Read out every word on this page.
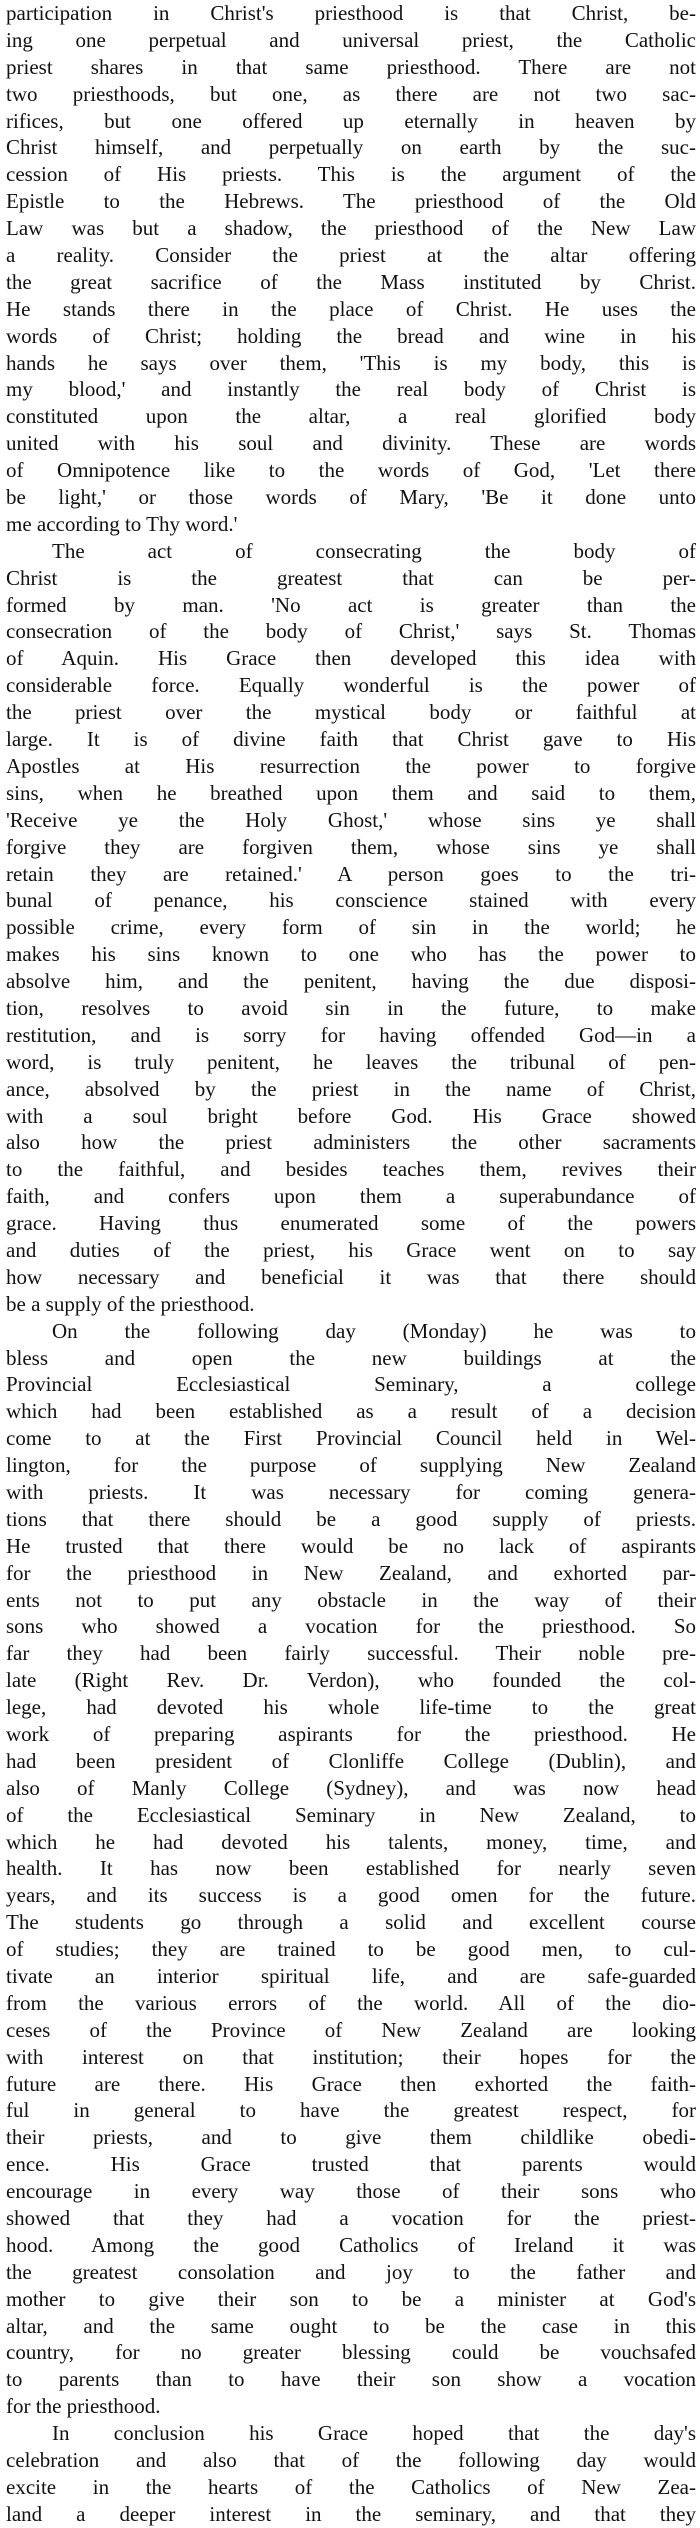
participation in Christ's priesthood is that Christ, be-
ing one perpetual and universal priest, the Catholic
priest shares in that same priesthood. There are not
two priesthoods, but one, as there are not two sac-
rifices, but one offered up eternally in heaven by
Christ himself, and perpetually on earth by the suc-
cession of His priests. This is the argument of the
Epistle to the Hebrews. The priesthood of the Old
Law was but a shadow, the priesthood of the New Law
a reality. Consider the priest at the altar offering
the great sacrifice of the Mass instituted by Christ.
He stands there in the place of Christ. He uses the
words of Christ; holding the bread and wine in his
hands he says over them, 'This is my body, this is
my blood,' and instantly the real body of Christ is
constituted upon the altar, a real glorified body
united with his soul and divinity. These are words
of Omnipotence like to the words of God, 'Let there
be light,' or those words of Mary, 'Be it done unto
me according to Thy word.'
The act of consecrating the body of
Christ is the greatest that can be per-
formed by man. 'No act is greater than the
consecration of the body of Christ,' says St. Thomas
of Aquin. His Grace then developed this idea with
considerable force. Equally wonderful is the power of
the priest over the mystical body or faithful at
large. It is of divine faith that Christ gave to His
Apostles at His resurrection the power to forgive
sins, when he breathed upon them and said to them,
'Receive ye the Holy Ghost,' whose sins ye shall
forgive they are forgiven them, whose sins ye shall
retain they are retained.' A person goes to the tri-
bunal of penance, his conscience stained with every
possible crime, every form of sin in the world; he
makes his sins known to one who has the power to
absolve him, and the penitent, having the due disposi-
tion, resolves to avoid sin in the future, to make
restitution, and is sorry for having offended God—in a
word, is truly penitent, he leaves the tribunal of pen-
ance, absolved by the priest in the name of Christ,
with a soul bright before God. His Grace showed
also how the priest administers the other sacraments
to the faithful, and besides teaches them, revives their
faith, and confers upon them a superabundance of
grace. Having thus enumerated some of the powers
and duties of the priest, his Grace went on to say
how necessary and beneficial it was that there should
be a supply of the priesthood.
On the following day (Monday) he was to
bless and open the new buildings at the
Provincial Ecclesiastical Seminary, a college
which had been established as a result of a decision
come to at the First Provincial Council held in Wel-
lington, for the purpose of supplying New Zealand
with priests. It was necessary for coming genera-
tions that there should be a good supply of priests.
He trusted that there would be no lack of aspirants
for the priesthood in New Zealand, and exhorted par-
ents not to put any obstacle in the way of their
sons who showed a vocation for the priesthood. So
far they had been fairly successful. Their noble pre-
late (Right Rev. Dr. Verdon), who founded the col-
lege, had devoted his whole life-time to the great
work of preparing aspirants for the priesthood. He
had been president of Clonliffe College (Dublin), and
also of Manly College (Sydney), and was now head
of the Ecclesiastical Seminary in New Zealand, to
which he had devoted his talents, money, time, and
health. It has now been established for nearly seven
years, and its success is a good omen for the future.
The students go through a solid and excellent course
of studies; they are trained to be good men, to cul-
tivate an interior spiritual life, and are safe-guarded
from the various errors of the world. All of the dio-
ceses of the Province of New Zealand are looking
with interest on that institution; their hopes for the
future are there. His Grace then exhorted the faith-
ful in general to have the greatest respect, for
their priests, and to give them childlike obedi-
ence. His Grace trusted that parents would
encourage in every way those of their sons who
showed that they had a vocation for the priest-
hood. Among the good Catholics of Ireland it was
the greatest consolation and joy to the father and
mother to give their son to be a minister at God's
altar, and the same ought to be the case in this
country, for no greater blessing could be vouchsafed
to parents than to have their son show a vocation
for the priesthood.
In conclusion his Grace hoped that the day's
celebration and also that of the following day would
excite in the hearts of the Catholics of New Zea-
land a deeper interest in the seminary, and that they
